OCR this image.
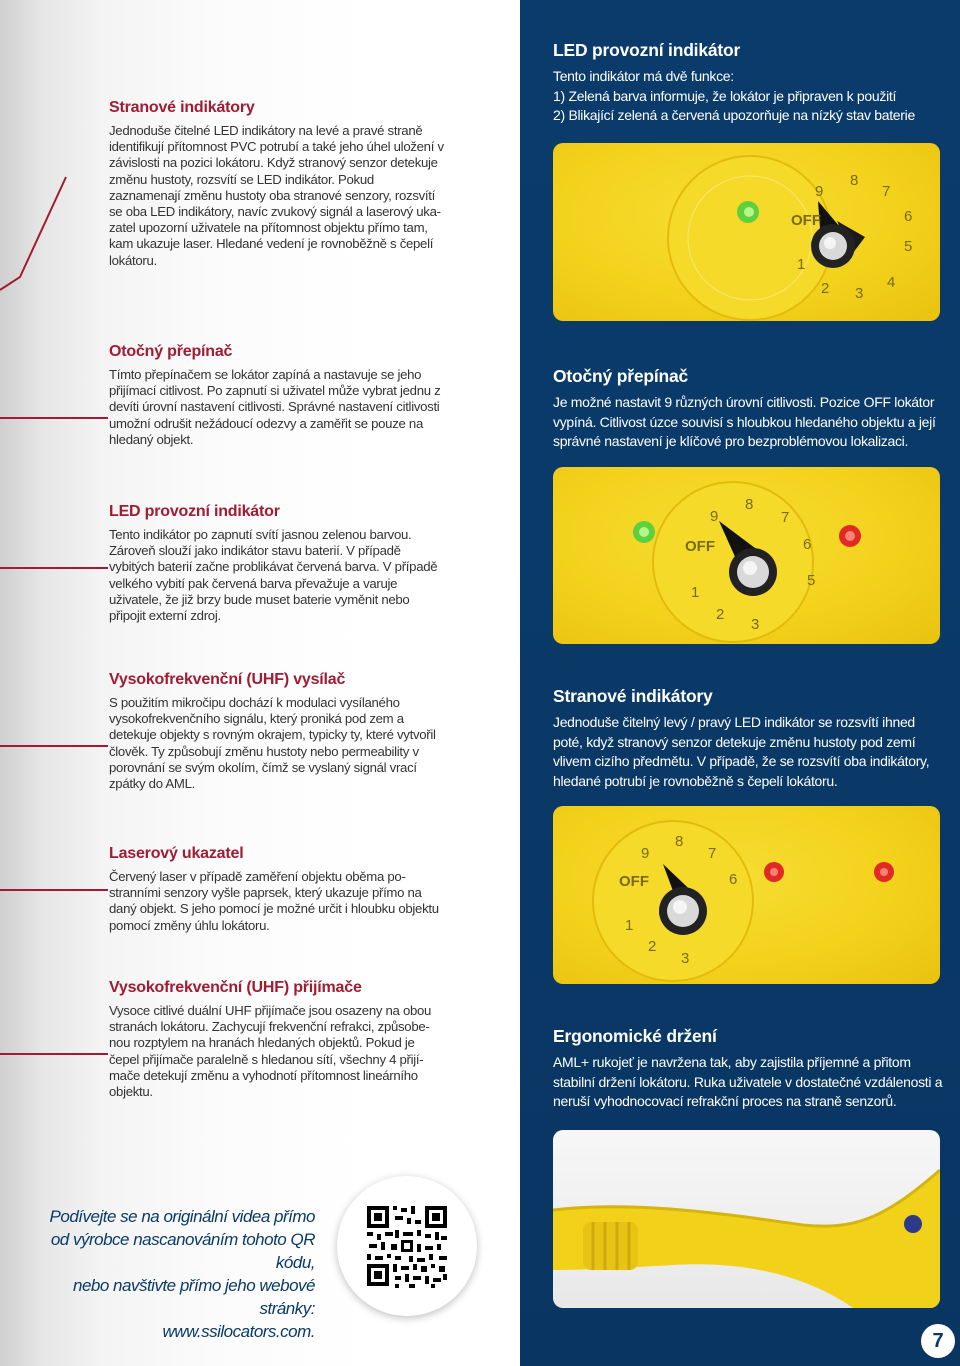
Stranové indikátory

Jednoduše čitelné LED indikátory na levé a pravé straně identifikují přítomnost PVC potrubí a také jeho úhel uložení v závislosti na pozici lokátoru. Když stranový senzor detekuje změnu hustoty, rozsvítí se LED indikátor. Pokud zaznamenají změnu hustoty oba stranové senzory, rozsvítí se oba LED indikátory, navíc zvukový signál a laserový ukazatel upozorní uživatele na přítomnost objektu přímo tam, kam ukazuje laser. Hledané vedení je rovnoběžně s čepelí lokátoru.

Otočný přepínač

Tímto přepínačem se lokátor zapíná a nastavuje se jeho přijímací citlivost. Po zapnutí si uživatel může vybrat jednu z devíti úrovní nastavení citlivosti. Správné nastavení citlivosti umožní odrušit nežádoucí odezvy a zaměřit se pouze na hledaný objekt.

LED provozní indikátor

Tento indikátor po zapnutí svítí jasnou zelenou barvou. Zároveň slouží jako indikátor stavu baterií. V případě vybitých baterií začne problikávat červená barva. V případě velkého vybití pak červená barva převažuje a varuje uživatele, že již brzy bude muset baterie vyměnit nebo připojit externí zdroj.

Vysokofrekvenční (UHF) vysílač

S použitím mikročipu dochází k modulaci vysílaného vysokofrekvenčního signálu, který proniká pod zem a detekuje objekty s rovným okrajem, typicky ty, které vytvořil člověk. Ty způsobují změnu hustoty nebo permeability v porovnání se svým okolím, čímž se vyslaný signál vrací zpátky do AML.

Laserový ukazatel

Červený laser v případě zaměření objektu oběma postranními senzory vyšle paprsek, který ukazuje přímo na daný objekt. S jeho pomocí je možné určit i hloubku objektu pomocí změny úhlu lokátoru.

Vysokofrekvenční (UHF) přijímače

Vysoce citlivé duální UHF přijímače jsou osazeny na obou stranách lokátoru. Zachycují frekvenční refrakci, způsobenou rozptylem na hranách hledaných objektů. Pokud je čepel přijímače paralelně s hledanou sítí, všechny 4 přijímače detekují změnu a vyhodnotí přítomnost lineárního objektu.

LED provozní indikátor

Tento indikátor má dvě funkce:
1) Zelená barva informuje, že lokátor je připraven k použití
2) Blikající zelená a červená upozorňuje na nízký stav baterie

OFF
9
8
7
6
5
4
3
2
1
Otočný přepínač

Je možné nastavit 9 různých úrovní citlivosti. Pozice OFF lokátor vypíná. Citlivost úzce souvisí s hloubkou hledaného objektu a její správné nastavení je klíčové pro bezproblémovou lokalizaci.

OFF
9
8
7
6
5
3
2
1
Stranové indikátory

Jednoduše čitelný levý / pravý LED indikátor se rozsvítí ihned poté, když stranový senzor detekuje změnu hustoty pod zemí vlivem cizího předmětu. V případě, že se rozsvítí oba indikátory, hledané potrubí je rovnoběžně s čepelí lokátoru.

OFF
9
8
7
6
3
2
1
Ergonomické držení

AML+ rukojeť je navržena tak, aby zajistila příjemné a přitom stabilní držení lokátoru. Ruka uživatele v dostatečné vzdálenosti a neruší vyhodnocovací refrakční proces na straně senzorů.

Podívejte se na originální videa přímo
od výrobce nascanováním tohoto QR kódu,
nebo navštivte přímo jeho webové stránky:
www.ssilocators.com.	7
